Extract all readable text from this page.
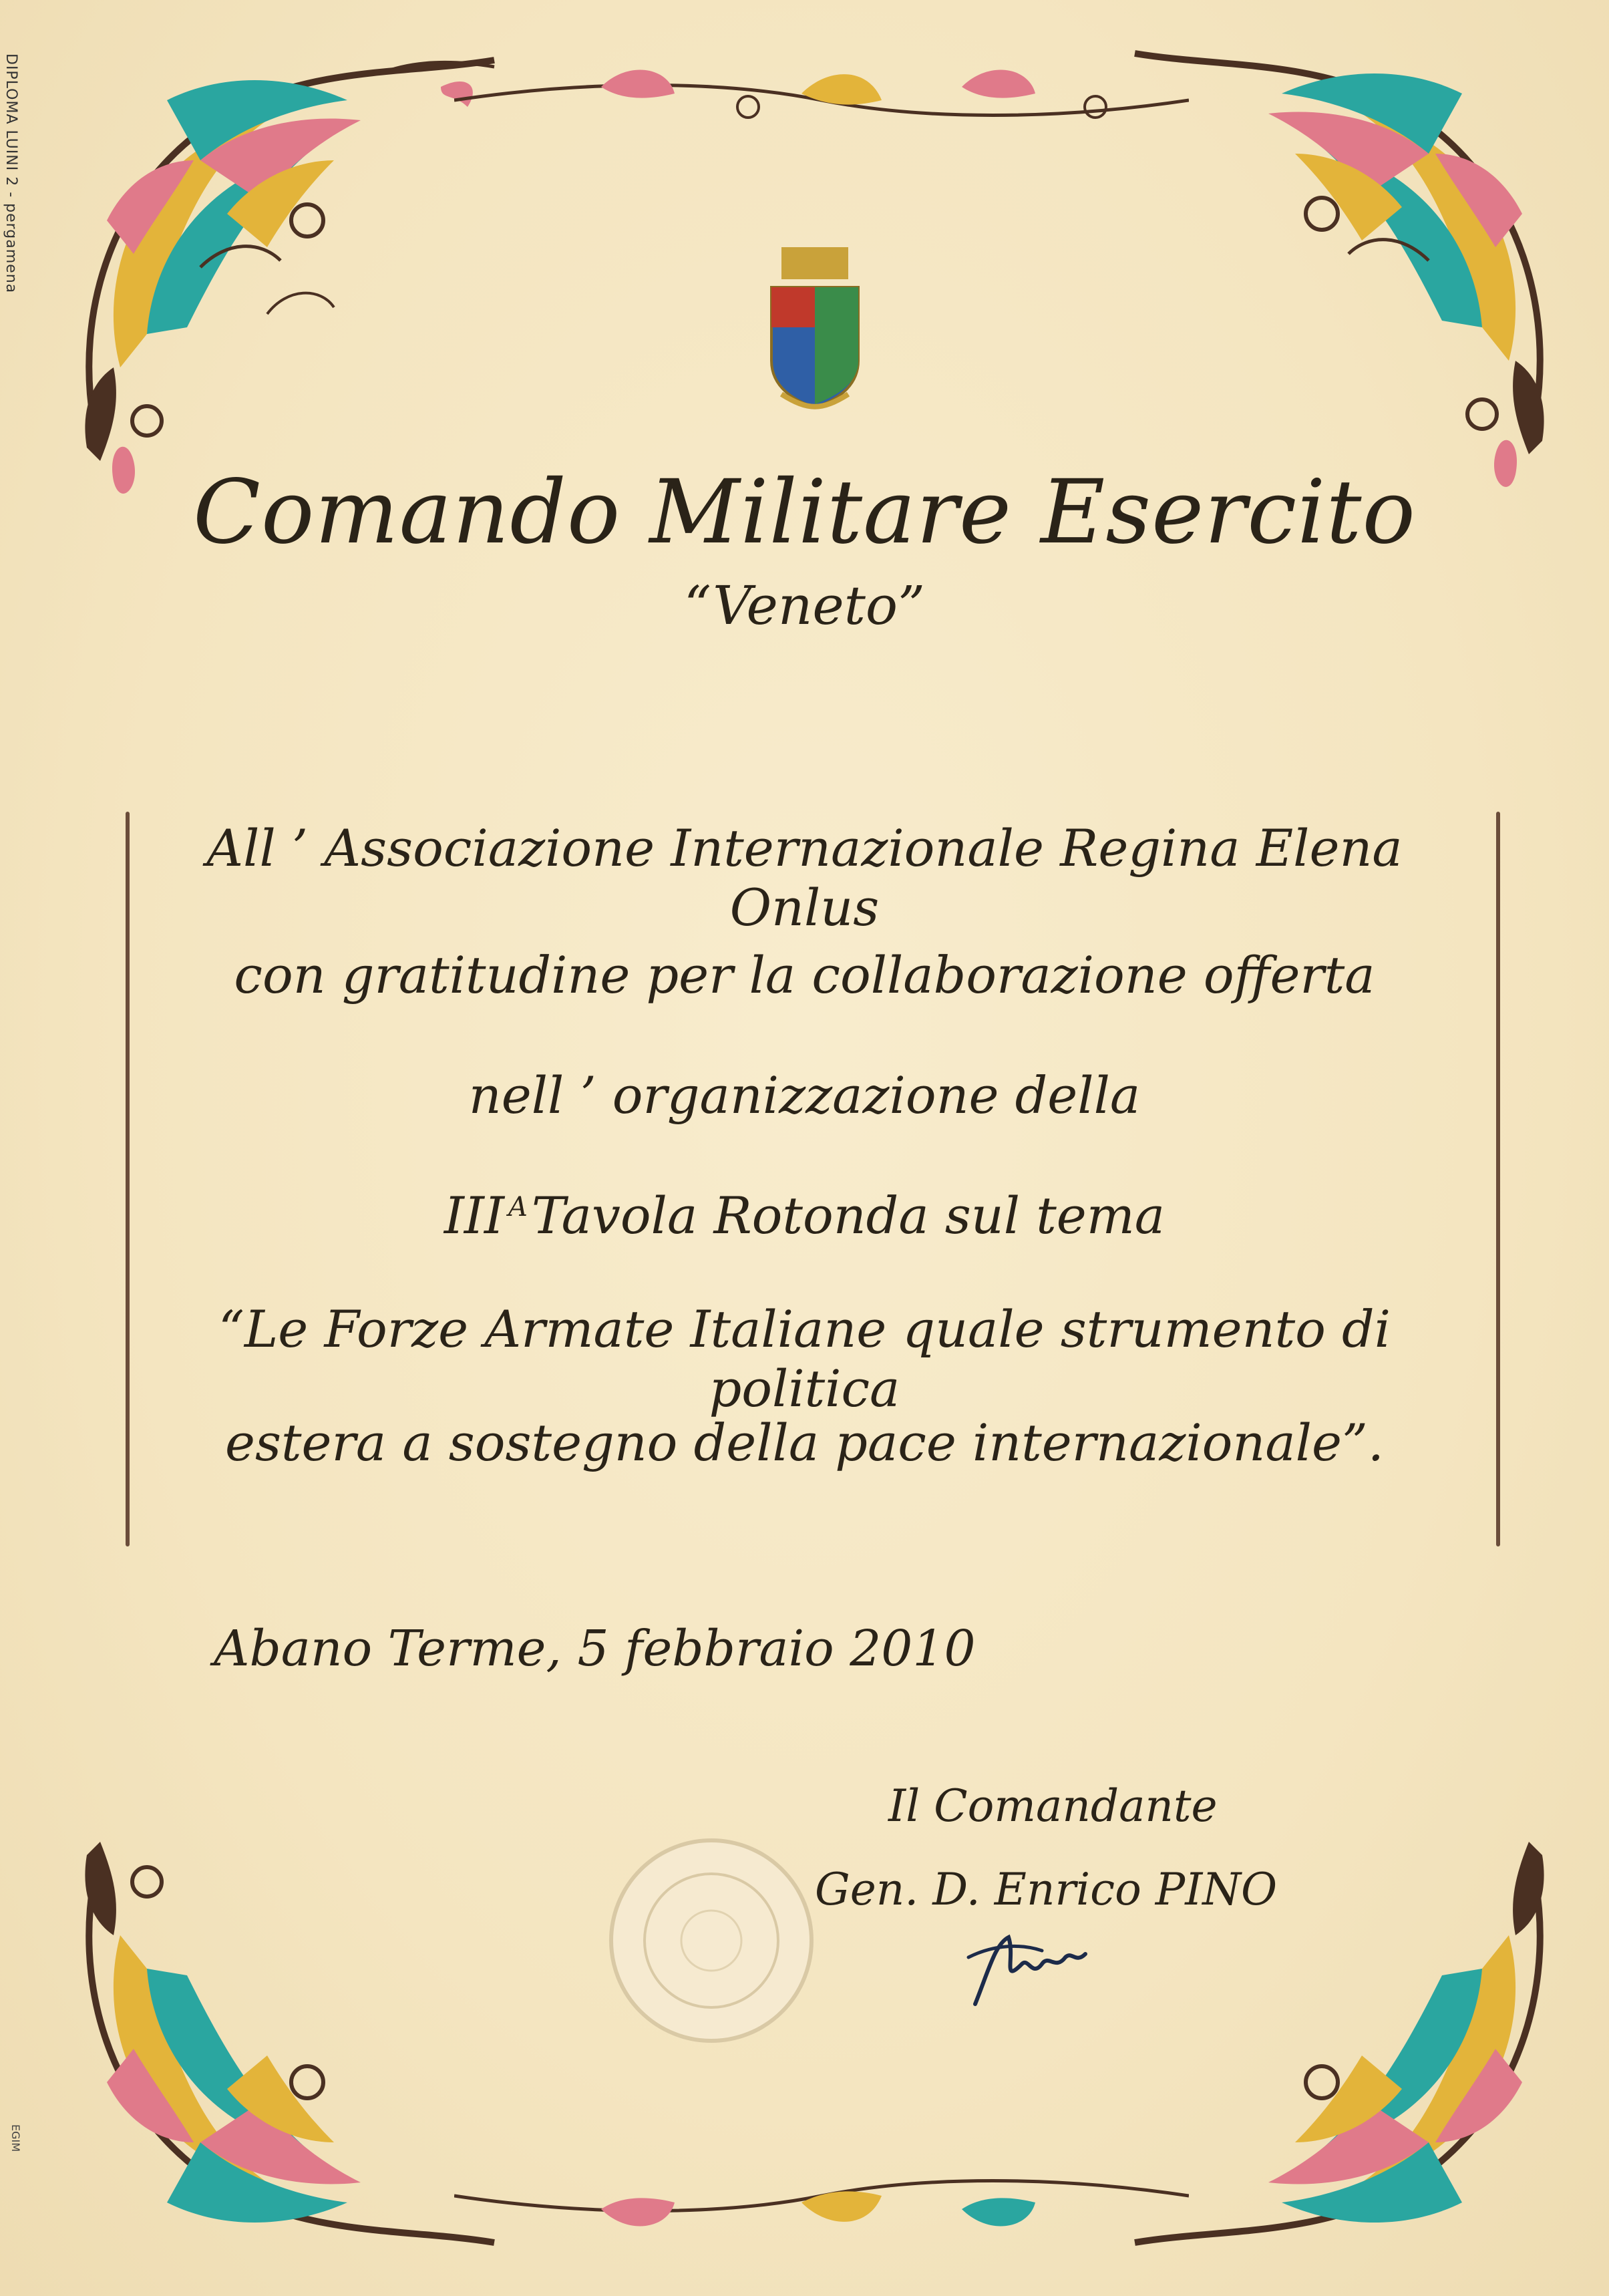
DIPLOMA LUINI 2 - pergamena
EGIM
Comando Militare Esercito
“Veneto”
All ’ Associazione Internazionale Regina Elena Onlus
con gratitudine per la collaborazione offerta
nell ’ organizzazione della
III $^A$Tavola Rotonda sul tema
“Le Forze Armate Italiane quale strumento di politica
estera a sostegno della pace internazionale”.
Abano Terme, 5 febbraio 2010
Il Comandante
Gen. D. Enrico PINO
